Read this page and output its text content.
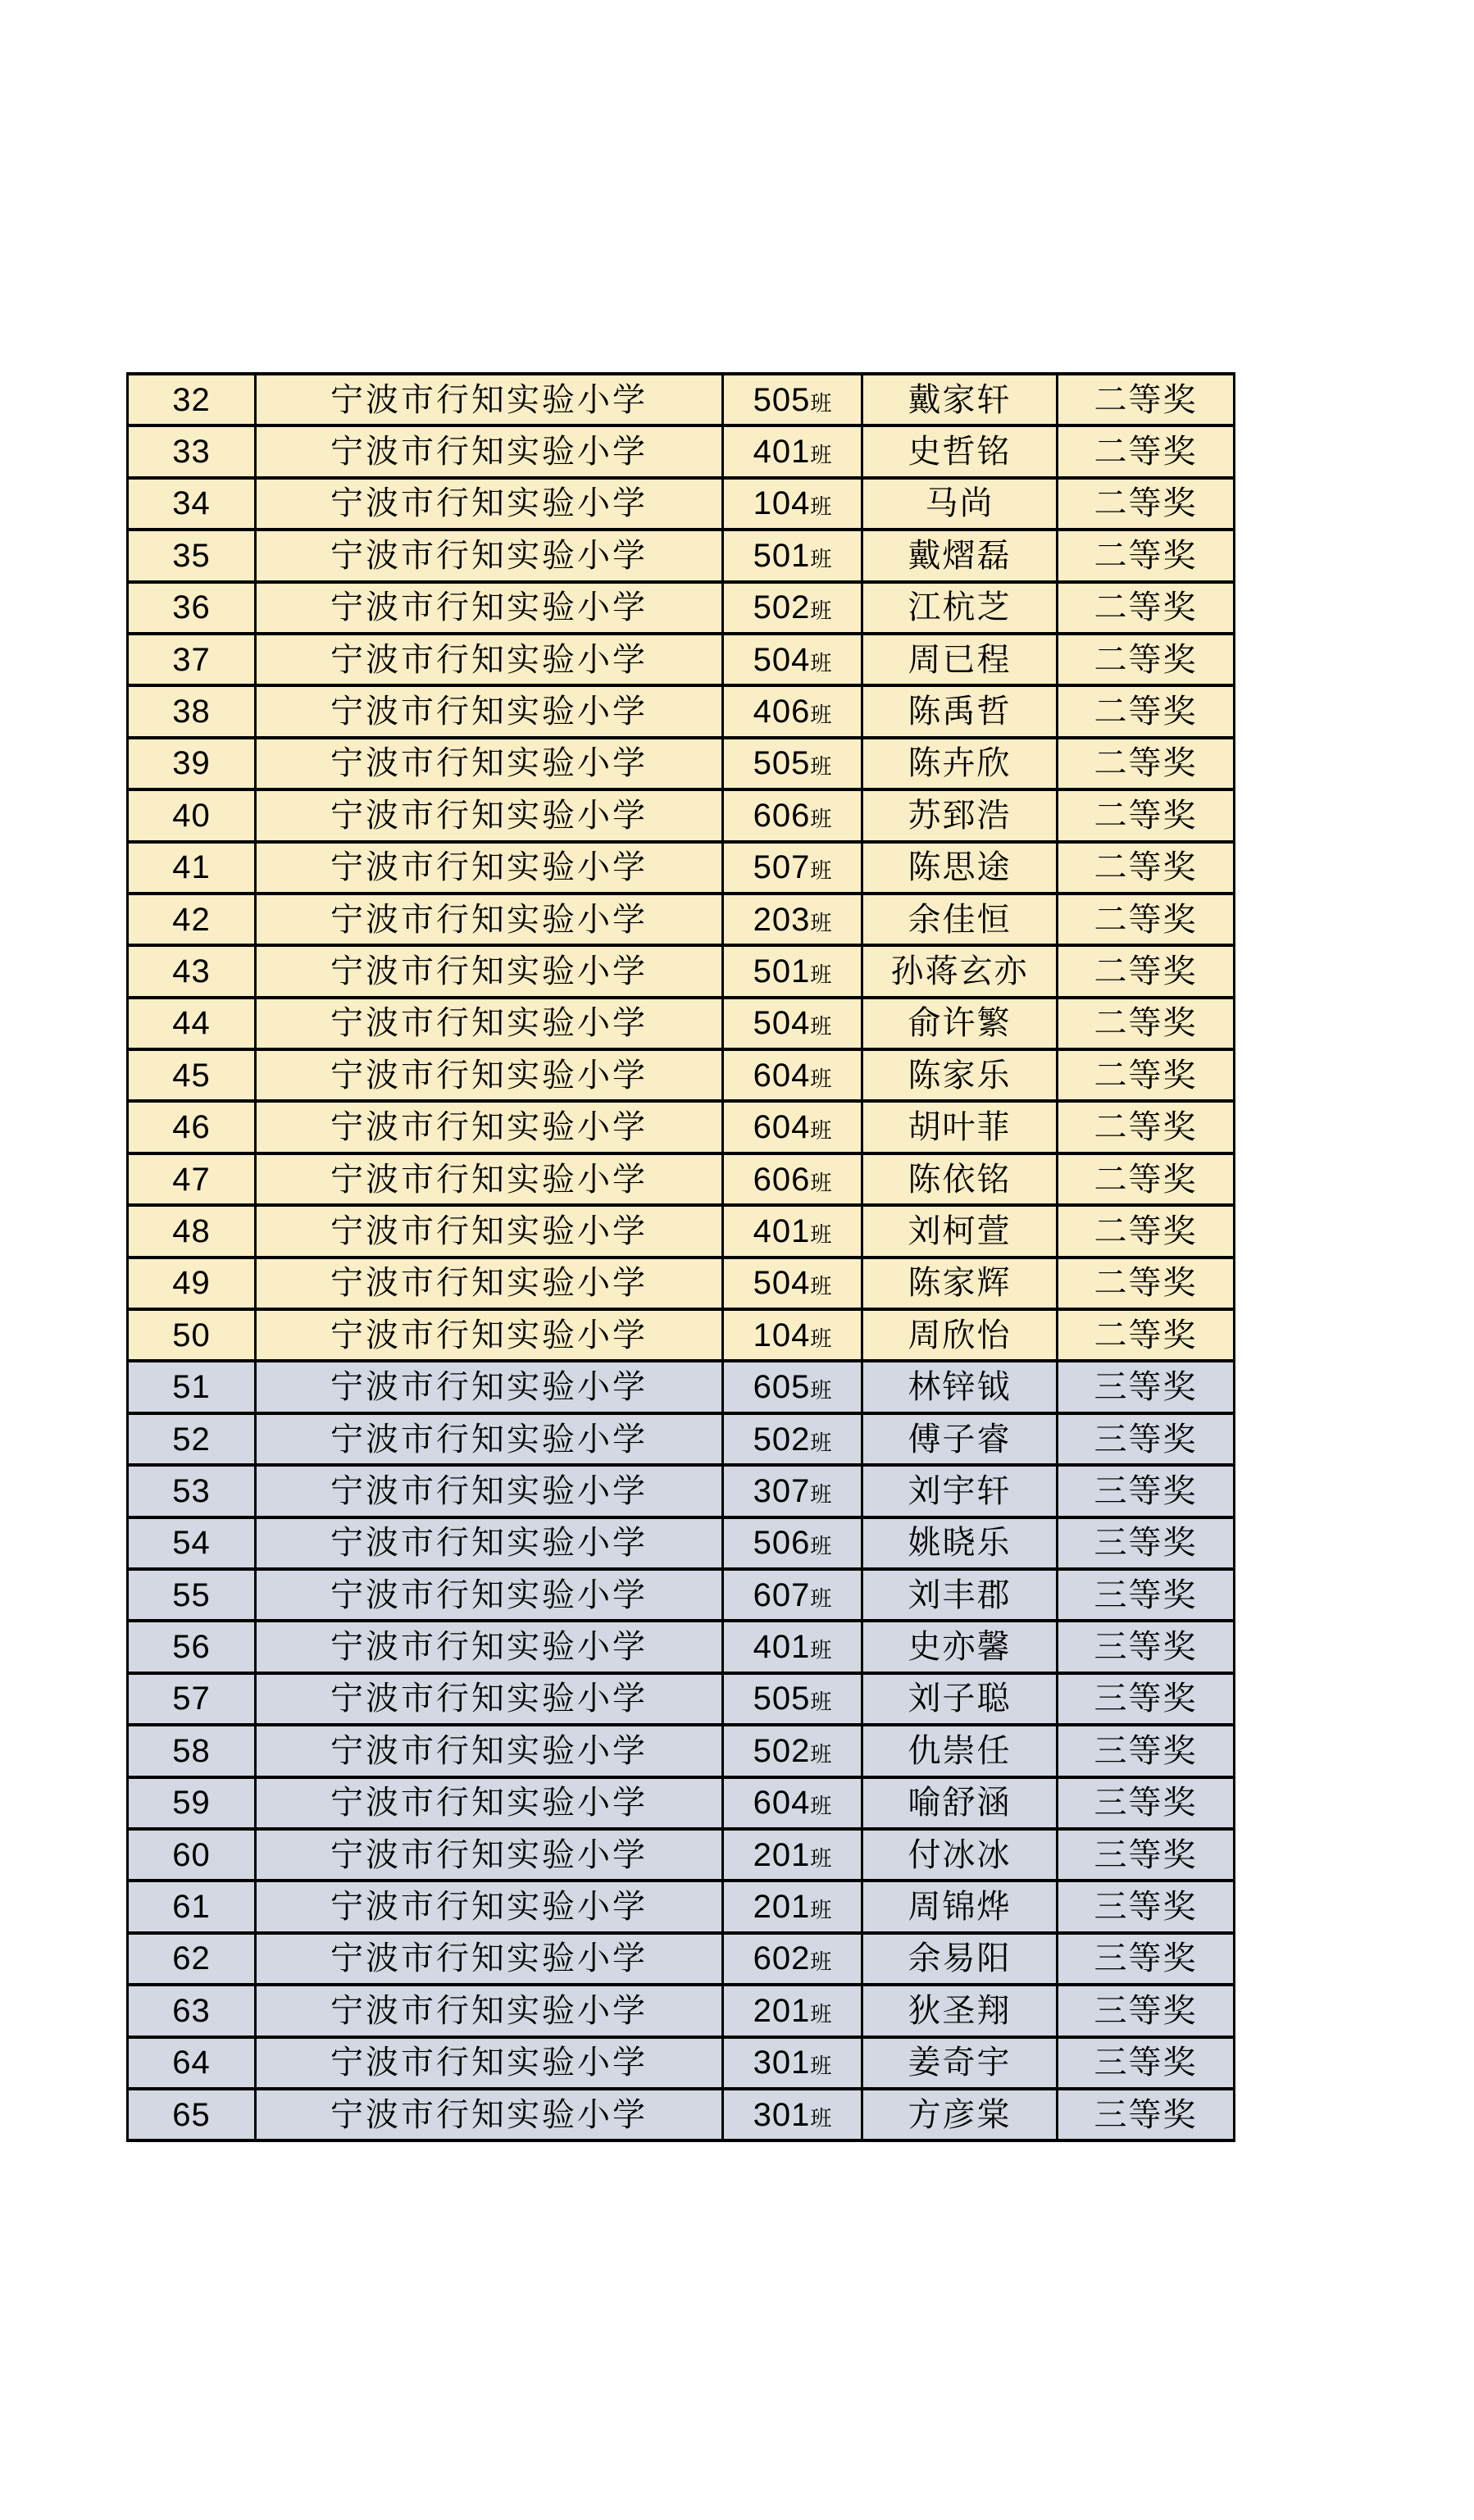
32	宁波市行知实验小学	505班	戴家轩	二等奖
33	宁波市行知实验小学	401班	史哲铭	二等奖
34	宁波市行知实验小学	104班	马尚	二等奖
35	宁波市行知实验小学	501班	戴熠磊	二等奖
36	宁波市行知实验小学	502班	江杭芝	二等奖
37	宁波市行知实验小学	504班	周已程	二等奖
38	宁波市行知实验小学	406班	陈禹哲	二等奖
39	宁波市行知实验小学	505班	陈卉欣	二等奖
40	宁波市行知实验小学	606班	苏郅浩	二等奖
41	宁波市行知实验小学	507班	陈思途	二等奖
42	宁波市行知实验小学	203班	余佳恒	二等奖
43	宁波市行知实验小学	501班	孙蒋玄亦	二等奖
44	宁波市行知实验小学	504班	俞许繁	二等奖
45	宁波市行知实验小学	604班	陈家乐	二等奖
46	宁波市行知实验小学	604班	胡叶菲	二等奖
47	宁波市行知实验小学	606班	陈依铭	二等奖
48	宁波市行知实验小学	401班	刘柯萱	二等奖
49	宁波市行知实验小学	504班	陈家辉	二等奖
50	宁波市行知实验小学	104班	周欣怡	二等奖
51	宁波市行知实验小学	605班	林锌钺	三等奖
52	宁波市行知实验小学	502班	傅子睿	三等奖
53	宁波市行知实验小学	307班	刘宇轩	三等奖
54	宁波市行知实验小学	506班	姚晓乐	三等奖
55	宁波市行知实验小学	607班	刘丰郡	三等奖
56	宁波市行知实验小学	401班	史亦馨	三等奖
57	宁波市行知实验小学	505班	刘子聪	三等奖
58	宁波市行知实验小学	502班	仇崇任	三等奖
59	宁波市行知实验小学	604班	喻舒涵	三等奖
60	宁波市行知实验小学	201班	付冰冰	三等奖
61	宁波市行知实验小学	201班	周锦烨	三等奖
62	宁波市行知实验小学	602班	余易阳	三等奖
63	宁波市行知实验小学	201班	狄圣翔	三等奖
64	宁波市行知实验小学	301班	姜奇宇	三等奖
65	宁波市行知实验小学	301班	方彦棠	三等奖
